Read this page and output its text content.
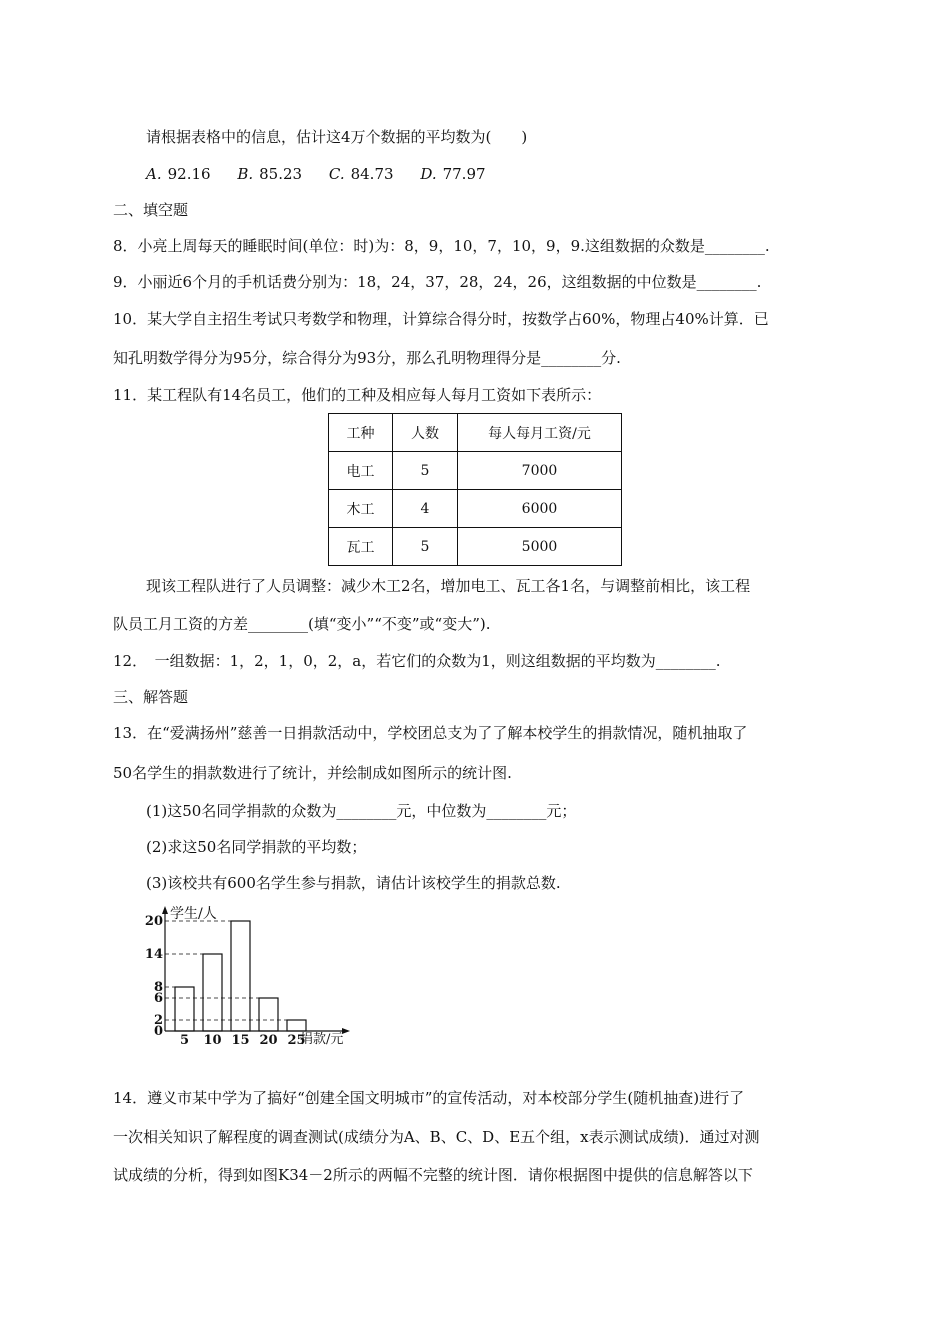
请根据表格中的信息，估计这4万个数据的平均数为(　　)
A. 92.16 B. 85.23 C. 84.73 D. 77.97
二、填空题
8．小亮上周每天的睡眠时间(单位：时)为：8，9，10，7，10，9，9.这组数据的众数是________.
9．小丽近6个月的手机话费分别为：18，24，37，28，24，26，这组数据的中位数是________.
10．某大学自主招生考试只考数学和物理，计算综合得分时，按数学占60%，物理占40%计算．已
知孔明数学得分为95分，综合得分为93分，那么孔明物理得分是________分.
11．某工程队有14名员工，他们的工种及相应每人每月工资如下表所示：
工种	人数	每人每月工资/元
电工	5	7000
木工	4	6000
瓦工	5	5000
现该工程队进行了人员调整：减少木工2名，增加电工、瓦工各1名，与调整前相比，该工程
队员工月工资的方差________(填“变小”“不变”或“变大”).
12．　一组数据：1，2，1，0，2，a，若它们的众数为1，则这组数据的平均数为________.
三、解答题
13．在“爱满扬州”慈善一日捐款活动中，学校团总支为了了解本校学生的捐款情况，随机抽取了
50名学生的捐款数进行了统计，并绘制成如图所示的统计图.
(1)这50名同学捐款的众数为________元，中位数为________元；
(2)求这50名同学捐款的平均数；
(3)该校共有600名学生参与捐款，请估计该校学生的捐款总数.
学生/人
捐款/元
5 10 15 20 25
0
2
6
8
14
20
14．遵义市某中学为了搞好“创建全国文明城市”的宣传活动，对本校部分学生(随机抽查)进行了
一次相关知识了解程度的调查测试(成绩分为A、B、C、D、E五个组，x表示测试成绩)．通过对测
试成绩的分析，得到如图K34－2所示的两幅不完整的统计图．请你根据图中提供的信息解答以下
